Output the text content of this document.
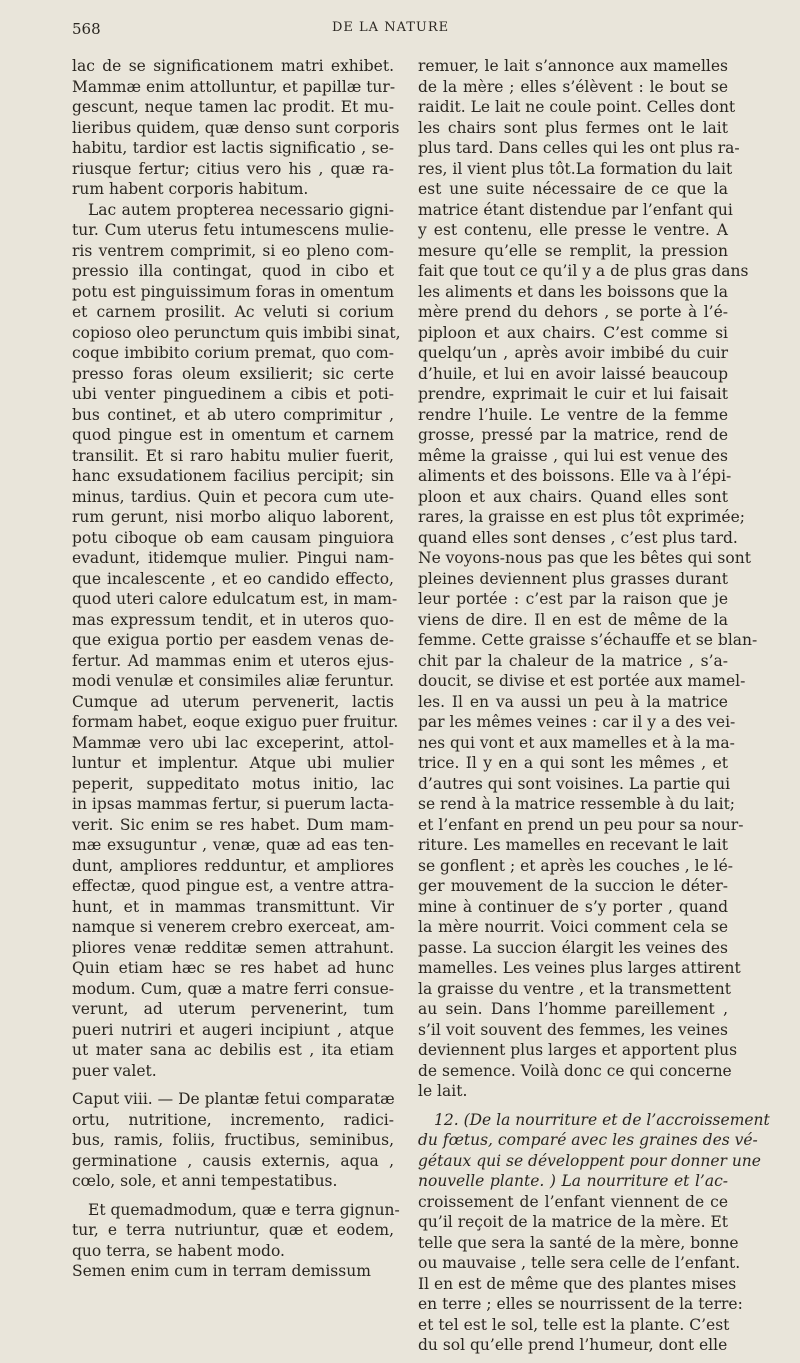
568	DE LA NATURE
lac de se significationem matri exhibet.
Mammæ enim attolluntur, et papillæ tur-
gescunt, neque tamen lac prodit. Et mu-
lieribus quidem, quæ denso sunt corporis
habitu, tardior est lactis significatio , se-
riusque fertur; citius vero his , quæ ra-
rum habent corporis habitum.
Lac autem propterea necessario gigni-
tur. Cum uterus fetu intumescens mulie-
ris ventrem comprimit, si eo pleno com-
pressio illa contingat, quod in cibo et
potu est pinguissimum foras in omentum
et carnem prosilit. Ac veluti si corium
copioso oleo perunctum quis imbibi sinat,
coque imbibito corium premat, quo com-
presso foras oleum exsilierit; sic certe
ubi venter pinguedinem a cibis et poti-
bus continet, et ab utero comprimitur ,
quod pingue est in omentum et carnem
transilit. Et si raro habitu mulier fuerit,
hanc exsudationem facilius percipit; sin
minus, tardius. Quin et pecora cum ute-
rum gerunt, nisi morbo aliquo laborent,
potu ciboque ob eam causam pinguiora
evadunt, itidemque mulier. Pingui nam-
que incalescente , et eo candido effecto,
quod uteri calore edulcatum est, in mam-
mas expressum tendit, et in uteros quo-
que exigua portio per easdem venas de-
fertur. Ad mammas enim et uteros ejus-
modi venulæ et consimiles aliæ feruntur.
Cumque ad uterum pervenerit, lactis
formam habet, eoque exiguo puer fruitur.
Mammæ vero ubi lac exceperint, attol-
luntur et implentur. Atque ubi mulier
peperit, suppeditato motus initio, lac
in ipsas mammas fertur, si puerum lacta-
verit. Sic enim se res habet. Dum mam-
mæ exsuguntur , venæ, quæ ad eas ten-
dunt, ampliores redduntur, et ampliores
effectæ, quod pingue est, a ventre attra-
hunt, et in mammas transmittunt. Vir
namque si venerem crebro exerceat, am-
pliores venæ redditæ semen attrahunt.
Quin etiam hæc se res habet ad hunc
modum. Cum, quæ a matre ferri consue-
verunt, ad uterum pervenerint, tum
pueri nutriri et augeri incipiunt , atque
ut mater sana ac debilis est , ita etiam
puer valet.
Caput viii. — De plantæ fetui comparatæ
ortu, nutritione, incremento, radici-
bus, ramis, foliis, fructibus, seminibus,
germinatione , causis externis, aqua ,
cœlo, sole, et anni tempestatibus.
Et quemadmodum, quæ e terra gignun-
tur, e terra nutriuntur, quæ et eodem,
quo terra, se habent modo.
Semen enim cum in terram demissum
remuer, le lait s’annonce aux mamelles
de la mère ; elles s’élèvent : le bout se
raidit. Le lait ne coule point. Celles dont
les chairs sont plus fermes ont le lait
plus tard. Dans celles qui les ont plus ra-
res, il vient plus tôt.La formation du lait
est une suite nécessaire de ce que la
matrice étant distendue par l’enfant qui
y est contenu, elle presse le ventre. A
mesure qu’elle se remplit, la pression
fait que tout ce qu’il y a de plus gras dans
les aliments et dans les boissons que la
mère prend du dehors , se porte à l’é-
piploon et aux chairs. C’est comme si
quelqu’un , après avoir imbibé du cuir
d’huile, et lui en avoir laissé beaucoup
prendre, exprimait le cuir et lui faisait
rendre l’huile. Le ventre de la femme
grosse, pressé par la matrice, rend de
même la graisse , qui lui est venue des
aliments et des boissons. Elle va à l’épi-
ploon et aux chairs. Quand elles sont
rares, la graisse en est plus tôt exprimée;
quand elles sont denses , c’est plus tard.
Ne voyons-nous pas que les bêtes qui sont
pleines deviennent plus grasses durant
leur portée : c’est par la raison que je
viens de dire. Il en est de même de la
femme. Cette graisse s’échauffe et se blan-
chit par la chaleur de la matrice , s’a-
doucit, se divise et est portée aux mamel-
les. Il en va aussi un peu à la matrice
par les mêmes veines : car il y a des vei-
nes qui vont et aux mamelles et à la ma-
trice. Il y en a qui sont les mêmes , et
d’autres qui sont voisines. La partie qui
se rend à la matrice ressemble à du lait;
et l’enfant en prend un peu pour sa nour-
riture. Les mamelles en recevant le lait
se gonflent ; et après les couches , le lé-
ger mouvement de la succion le déter-
mine à continuer de s’y porter , quand
la mère nourrit. Voici comment cela se
passe. La succion élargit les veines des
mamelles. Les veines plus larges attirent
la graisse du ventre , et la transmettent
au sein. Dans l’homme pareillement ,
s’il voit souvent des femmes, les veines
deviennent plus larges et apportent plus
de semence. Voilà donc ce qui concerne
le lait.
12. (De la nourriture et de l’accroissement
du fœtus, comparé avec les graines des vé-
gétaux qui se développent pour donner une
nouvelle plante. ) La nourriture et l’ac-
croissement de l’enfant viennent de ce
qu’il reçoit de la matrice de la mère. Et
telle que sera la santé de la mère, bonne
ou mauvaise , telle sera celle de l’enfant.
Il en est de même que des plantes mises
en terre ; elles se nourrissent de la terre:
et tel est le sol, telle est la plante. C’est
du sol qu’elle prend l’humeur, dont elle
